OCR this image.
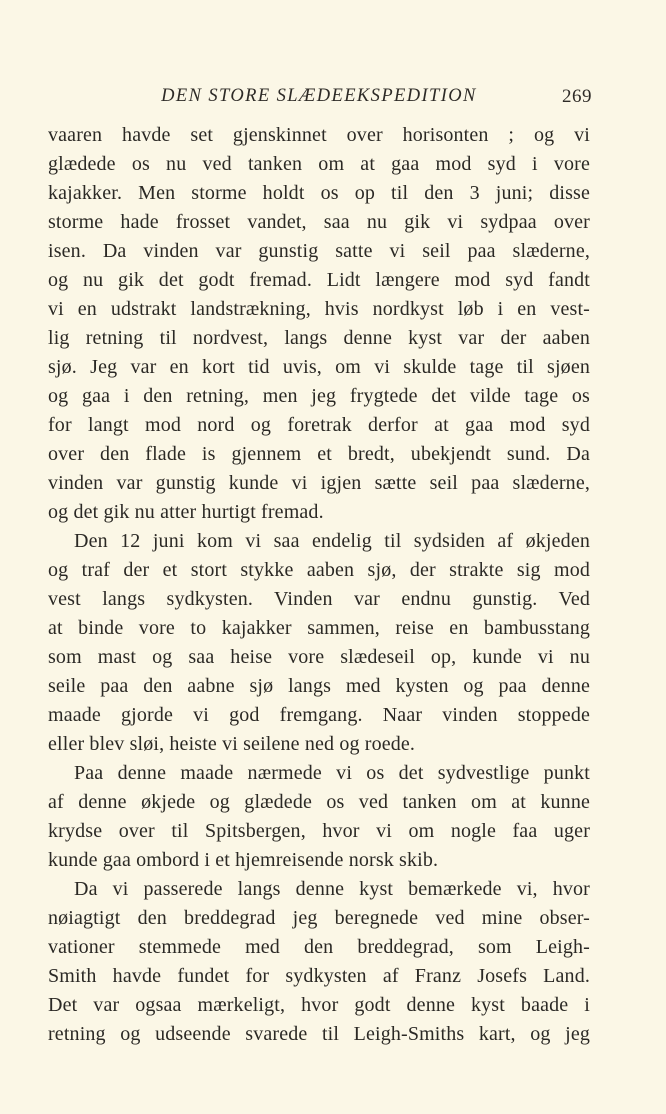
DEN STORE SLÆDEEKSPEDITION	269
vaaren havde set gjenskinnet over horisonten ; og vi
glædede os nu ved tanken om at gaa mod syd i vore
kajakker. Men storme holdt os op til den 3 juni; disse
storme hade frosset vandet, saa nu gik vi sydpaa over
isen. Da vinden var gunstig satte vi seil paa slæderne,
og nu gik det godt fremad. Lidt længere mod syd fandt
vi en udstrakt landstrækning, hvis nordkyst løb i en vest-
lig retning til nordvest, langs denne kyst var der aaben
sjø. Jeg var en kort tid uvis, om vi skulde tage til sjøen
og gaa i den retning, men jeg frygtede det vilde tage os
for langt mod nord og foretrak derfor at gaa mod syd
over den flade is gjennem et bredt, ubekjendt sund. Da
vinden var gunstig kunde vi igjen sætte seil paa slæderne,
og det gik nu atter hurtigt fremad.
Den 12 juni kom vi saa endelig til sydsiden af økjeden
og traf der et stort stykke aaben sjø, der strakte sig mod
vest langs sydkysten. Vinden var endnu gunstig. Ved
at binde vore to kajakker sammen, reise en bambusstang
som mast og saa heise vore slædeseil op, kunde vi nu
seile paa den aabne sjø langs med kysten og paa denne
maade gjorde vi god fremgang. Naar vinden stoppede
eller blev sløi, heiste vi seilene ned og roede.
Paa denne maade nærmede vi os det sydvestlige punkt
af denne økjede og glædede os ved tanken om at kunne
krydse over til Spitsbergen, hvor vi om nogle faa uger
kunde gaa ombord i et hjemreisende norsk skib.
Da vi passerede langs denne kyst bemærkede vi, hvor
nøiagtigt den breddegrad jeg beregnede ved mine obser-
vationer stemmede med den breddegrad, som Leigh-
Smith havde fundet for sydkysten af Franz Josefs Land.
Det var ogsaa mærkeligt, hvor godt denne kyst baade i
retning og udseende svarede til Leigh-Smiths kart, og jeg
